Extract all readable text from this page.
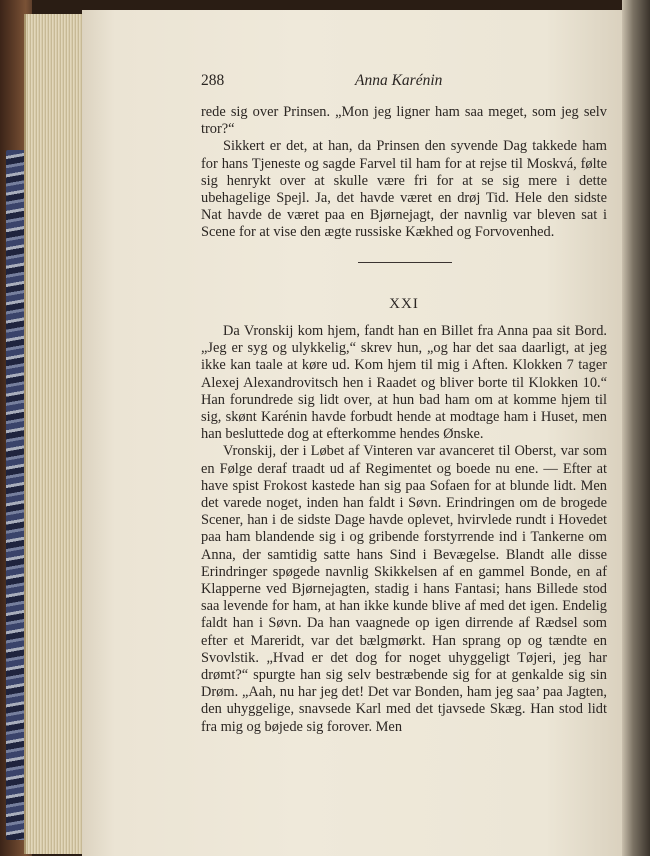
288	Anna Karénin

rede sig over Prinsen. „Mon jeg ligner ham saa meget, som jeg selv tror?“

Sikkert er det, at han, da Prinsen den syvende Dag takkede ham for hans Tjeneste og sagde Farvel til ham for at rejse til Moskvá, følte sig henrykt over at skulle være fri for at se sig mere i dette ubehagelige Spejl. Ja, det havde været en drøj Tid. Hele den sidste Nat havde de været paa en Bjørnejagt, der navnlig var bleven sat i Scene for at vise den ægte russiske Kækhed og Forvovenhed.

XXI

Da Vronskij kom hjem, fandt han en Billet fra Anna paa sit Bord. „Jeg er syg og ulykkelig,“ skrev hun, „og har det saa daarligt, at jeg ikke kan taale at køre ud. Kom hjem til mig i Aften. Klokken 7 tager Alexej Alexandrovitsch hen i Raadet og bliver borte til Klokken 10.“ Han forundrede sig lidt over, at hun bad ham om at komme hjem til sig, skønt Karénin havde forbudt hende at modtage ham i Huset, men han besluttede dog at efterkomme hendes Ønske.

Vronskij, der i Løbet af Vinteren var avanceret til Oberst, var som en Følge deraf traadt ud af Regimentet og boede nu ene. — Efter at have spist Frokost kastede han sig paa Sofaen for at blunde lidt. Men det varede noget, inden han faldt i Søvn. Erindringen om de brogede Scener, han i de sidste Dage havde oplevet, hvirvlede rundt i Hovedet paa ham blandende sig i og gribende forstyrrende ind i Tankerne om Anna, der samtidig satte hans Sind i Bevægelse. Blandt alle disse Erindringer spøgede navnlig Skikkelsen af en gammel Bonde, en af Klapperne ved Bjørnejagten, stadig i hans Fantasi; hans Billede stod saa levende for ham, at han ikke kunde blive af med det igen. Endelig faldt han i Søvn. Da han vaagnede op igen dirrende af Rædsel som efter et Mareridt, var det bælgmørkt. Han sprang op og tændte en Svovlstik. „Hvad er det dog for noget uhyggeligt Tøjeri, jeg har drømt?“ spurgte han sig selv bestræbende sig for at genkalde sig sin Drøm. „Aah, nu har jeg det! Det var Bonden, ham jeg saa’ paa Jagten, den uhyggelige, snavsede Karl med det tjavsede Skæg. Han stod lidt fra mig og bøjede sig forover. Men
